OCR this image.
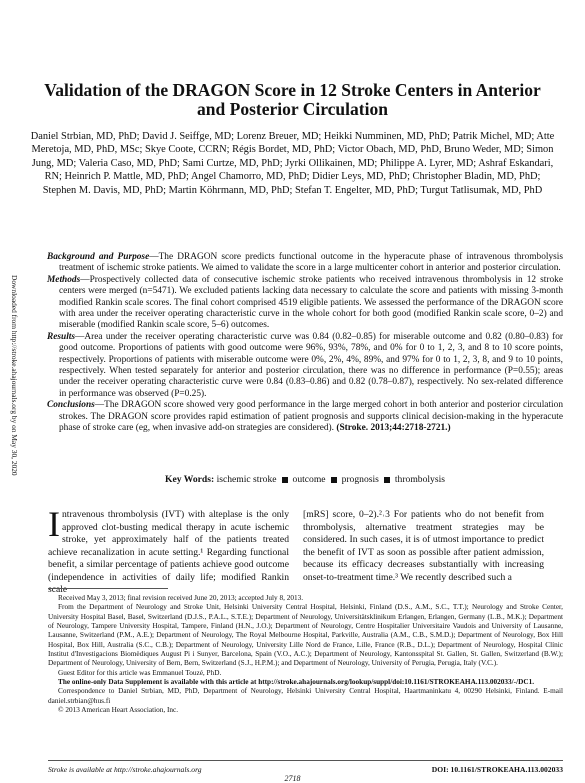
Downloaded from http://stroke.ahajournals.org by on May 30, 2020
Validation of the DRAGON Score in 12 Stroke Centers in Anterior and Posterior Circulation
Daniel Strbian, MD, PhD; David J. Seiffge, MD; Lorenz Breuer, MD; Heikki Numminen, MD, PhD; Patrik Michel, MD; Atte Meretoja, MD, PhD, MSc; Skye Coote, CCRN; Régis Bordet, MD, PhD; Victor Obach, MD, PhD, Bruno Weder, MD; Simon Jung, MD; Valeria Caso, MD, PhD; Sami Curtze, MD, PhD; Jyrki Ollikainen, MD; Philippe A. Lyrer, MD; Ashraf Eskandari, RN; Heinrich P. Mattle, MD, PhD; Angel Chamorro, MD, PhD; Didier Leys, MD, PhD; Christopher Bladin, MD, PhD; Stephen M. Davis, MD, PhD; Martin Köhrmann, MD, PhD; Stefan T. Engelter, MD, PhD; Turgut Tatlisumak, MD, PhD

Background and Purpose—The DRAGON score predicts functional outcome in the hyperacute phase of intravenous thrombolysis treatment of ischemic stroke patients. We aimed to validate the score in a large multicenter cohort in anterior and posterior circulation.

Methods—Prospectively collected data of consecutive ischemic stroke patients who received intravenous thrombolysis in 12 stroke centers were merged (n=5471). We excluded patients lacking data necessary to calculate the score and patients with missing 3-month modified Rankin scale scores. The final cohort comprised 4519 eligible patients. We assessed the performance of the DRAGON score with area under the receiver operating characteristic curve in the whole cohort for both good (modified Rankin scale score, 0–2) and miserable (modified Rankin scale score, 5–6) outcomes.

Results—Area under the receiver operating characteristic curve was 0.84 (0.82–0.85) for miserable outcome and 0.82 (0.80–0.83) for good outcome. Proportions of patients with good outcome were 96%, 93%, 78%, and 0% for 0 to 1, 2, 3, and 8 to 10 score points, respectively. Proportions of patients with miserable outcome were 0%, 2%, 4%, 89%, and 97% for 0 to 1, 2, 3, 8, and 9 to 10 points, respectively. When tested separately for anterior and posterior circulation, there was no difference in performance (P=0.55); areas under the receiver operating characteristic curve were 0.84 (0.83–0.86) and 0.82 (0.78–0.87), respectively. No sex-related difference in performance was observed (P=0.25).

Conclusions—The DRAGON score showed very good performance in the large merged cohort in both anterior and posterior circulation strokes. The DRAGON score provides rapid estimation of patient prognosis and supports clinical decision-making in the hyperacute phase of stroke care (eg, when invasive add-on strategies are considered). (Stroke. 2013;44:2718-2721.)

Key Words: ischemic stroke outcome prognosis thrombolysis
Intravenous thrombolysis (IVT) with alteplase is the only approved clot-busting medical therapy in acute ischemic stroke, yet approximately half of the patients treated achieve recanalization in acute setting.¹ Regarding functional benefit, a similar percentage of patients achieve good outcome (independence in activities of daily life; modified Rankin scale
[mRS] score, 0–2).²˒3 For patients who do not benefit from thrombolysis, alternative treatment strategies may be considered. In such cases, it is of utmost importance to predict the benefit of IVT as soon as possible after patient admission, because its efficacy decreases substantially with increasing onset-to-treatment time.³ We recently described such a

Received May 3, 2013; final revision received June 20, 2013; accepted July 8, 2013.

From the Department of Neurology and Stroke Unit, Helsinki University Central Hospital, Helsinki, Finland (D.S., A.M., S.C., T.T.); Neurology and Stroke Center, University Hospital Basel, Basel, Switzerland (D.J.S., P.A.L., S.T.E.); Department of Neurology, Universitätsklinikum Erlangen, Erlangen, Germany (L.B., M.K.); Department of Neurology, Tampere University Hospital, Tampere, Finland (H.N., J.O.); Department of Neurology, Centre Hospitalier Universitaire Vaudois and University of Lausanne, Lausanne, Switzerland (P.M., A.E.); Department of Neurology, The Royal Melbourne Hospital, Parkville, Australia (A.M., C.B., S.M.D.); Department of Neurology, Box Hill Hospital, Box Hill, Australia (S.C., C.B.); Department of Neurology, University Lille Nord de France, Lille, France (R.B., D.L.); Department of Neurology, Hospital Clínic Institut d'Investigacions Biomèdiques August Pi i Sunyer, Barcelona, Spain (V.O., A.C.); Department of Neurology, Kantonsspital St. Gallen, St. Gallen, Switzerland (B.W.); Department of Neurology, University of Bern, Bern, Switzerland (S.J., H.P.M.); and Department of Neurology, University of Perugia, Perugia, Italy (V.C.).

Guest Editor for this article was Emmanuel Touzé, PhD.

The online-only Data Supplement is available with this article at http://stroke.ahajournals.org/lookup/suppl/doi:10.1161/STROKEAHA.113.002033/-/DC1.

Correspondence to Daniel Strbian, MD, PhD, Department of Neurology, Helsinki University Central Hospital, Haartmaninkatu 4, 00290 Helsinki, Finland. E-mail daniel.strbian@hus.fi

© 2013 American Heart Association, Inc.

Stroke is available at http://stroke.ahajournals.org	DOI: 10.1161/STROKEAHA.113.002033
2718
